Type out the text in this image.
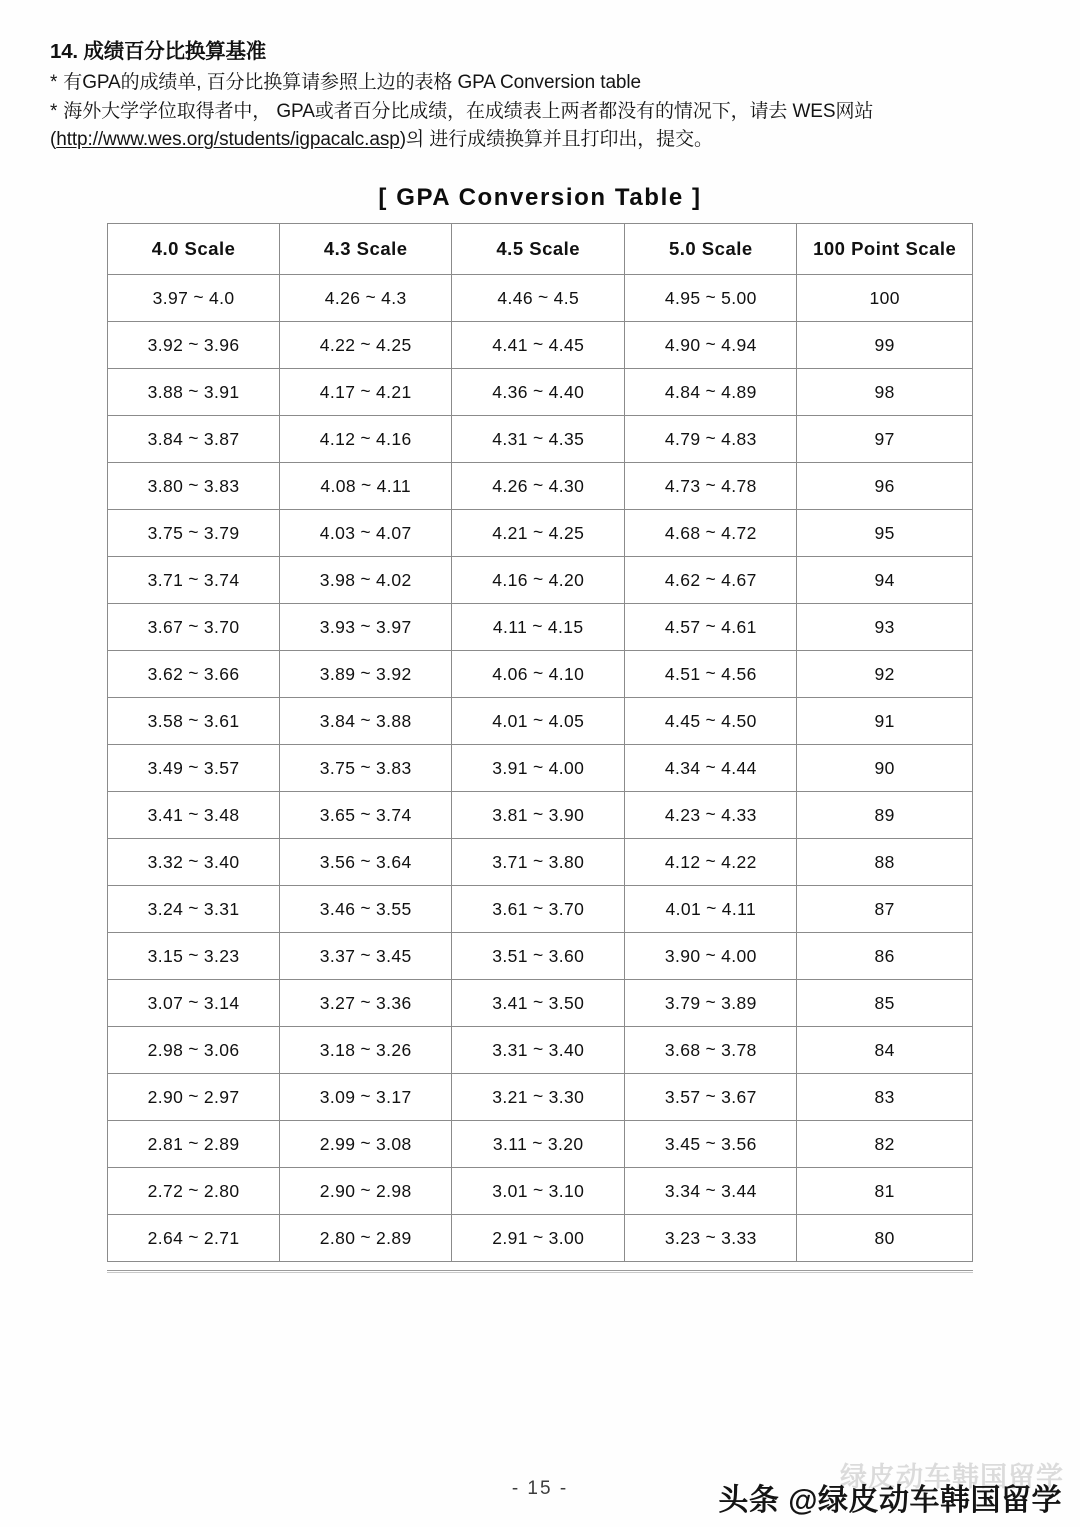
14. 成绩百分比换算基准
* 有GPA的成绩单, 百分比换算请参照上边的表格 GPA Conversion table
* 海外大学学位取得者中， GPA或者百分比成绩，在成绩表上两者都没有的情况下，请去 WES网站(http://www.wes.org/students/igpacalc.asp)의 进行成绩换算并且打印出，提交。
[ GPA Conversion Table ]
4.0 Scale	4.3 Scale	4.5 Scale	5.0 Scale	100 Point Scale
3.97 ~ 4.0	4.26 ~ 4.3	4.46 ~ 4.5	4.95 ~ 5.00	100
3.92 ~ 3.96	4.22 ~ 4.25	4.41 ~ 4.45	4.90 ~ 4.94	99
3.88 ~ 3.91	4.17 ~ 4.21	4.36 ~ 4.40	4.84 ~ 4.89	98
3.84 ~ 3.87	4.12 ~ 4.16	4.31 ~ 4.35	4.79 ~ 4.83	97
3.80 ~ 3.83	4.08 ~ 4.11	4.26 ~ 4.30	4.73 ~ 4.78	96
3.75 ~ 3.79	4.03 ~ 4.07	4.21 ~ 4.25	4.68 ~ 4.72	95
3.71 ~ 3.74	3.98 ~ 4.02	4.16 ~ 4.20	4.62 ~ 4.67	94
3.67 ~ 3.70	3.93 ~ 3.97	4.11 ~ 4.15	4.57 ~ 4.61	93
3.62 ~ 3.66	3.89 ~ 3.92	4.06 ~ 4.10	4.51 ~ 4.56	92
3.58 ~ 3.61	3.84 ~ 3.88	4.01 ~ 4.05	4.45 ~ 4.50	91
3.49 ~ 3.57	3.75 ~ 3.83	3.91 ~ 4.00	4.34 ~ 4.44	90
3.41 ~ 3.48	3.65 ~ 3.74	3.81 ~ 3.90	4.23 ~ 4.33	89
3.32 ~ 3.40	3.56 ~ 3.64	3.71 ~ 3.80	4.12 ~ 4.22	88
3.24 ~ 3.31	3.46 ~ 3.55	3.61 ~ 3.70	4.01 ~ 4.11	87
3.15 ~ 3.23	3.37 ~ 3.45	3.51 ~ 3.60	3.90 ~ 4.00	86
3.07 ~ 3.14	3.27 ~ 3.36	3.41 ~ 3.50	3.79 ~ 3.89	85
2.98 ~ 3.06	3.18 ~ 3.26	3.31 ~ 3.40	3.68 ~ 3.78	84
2.90 ~ 2.97	3.09 ~ 3.17	3.21 ~ 3.30	3.57 ~ 3.67	83
2.81 ~ 2.89	2.99 ~ 3.08	3.11 ~ 3.20	3.45 ~ 3.56	82
2.72 ~ 2.80	2.90 ~ 2.98	3.01 ~ 3.10	3.34 ~ 3.44	81
2.64 ~ 2.71	2.80 ~ 2.89	2.91 ~ 3.00	3.23 ~ 3.33	80
- 15 -	绿皮动车韩国留学
头条 @绿皮动车韩国留学
